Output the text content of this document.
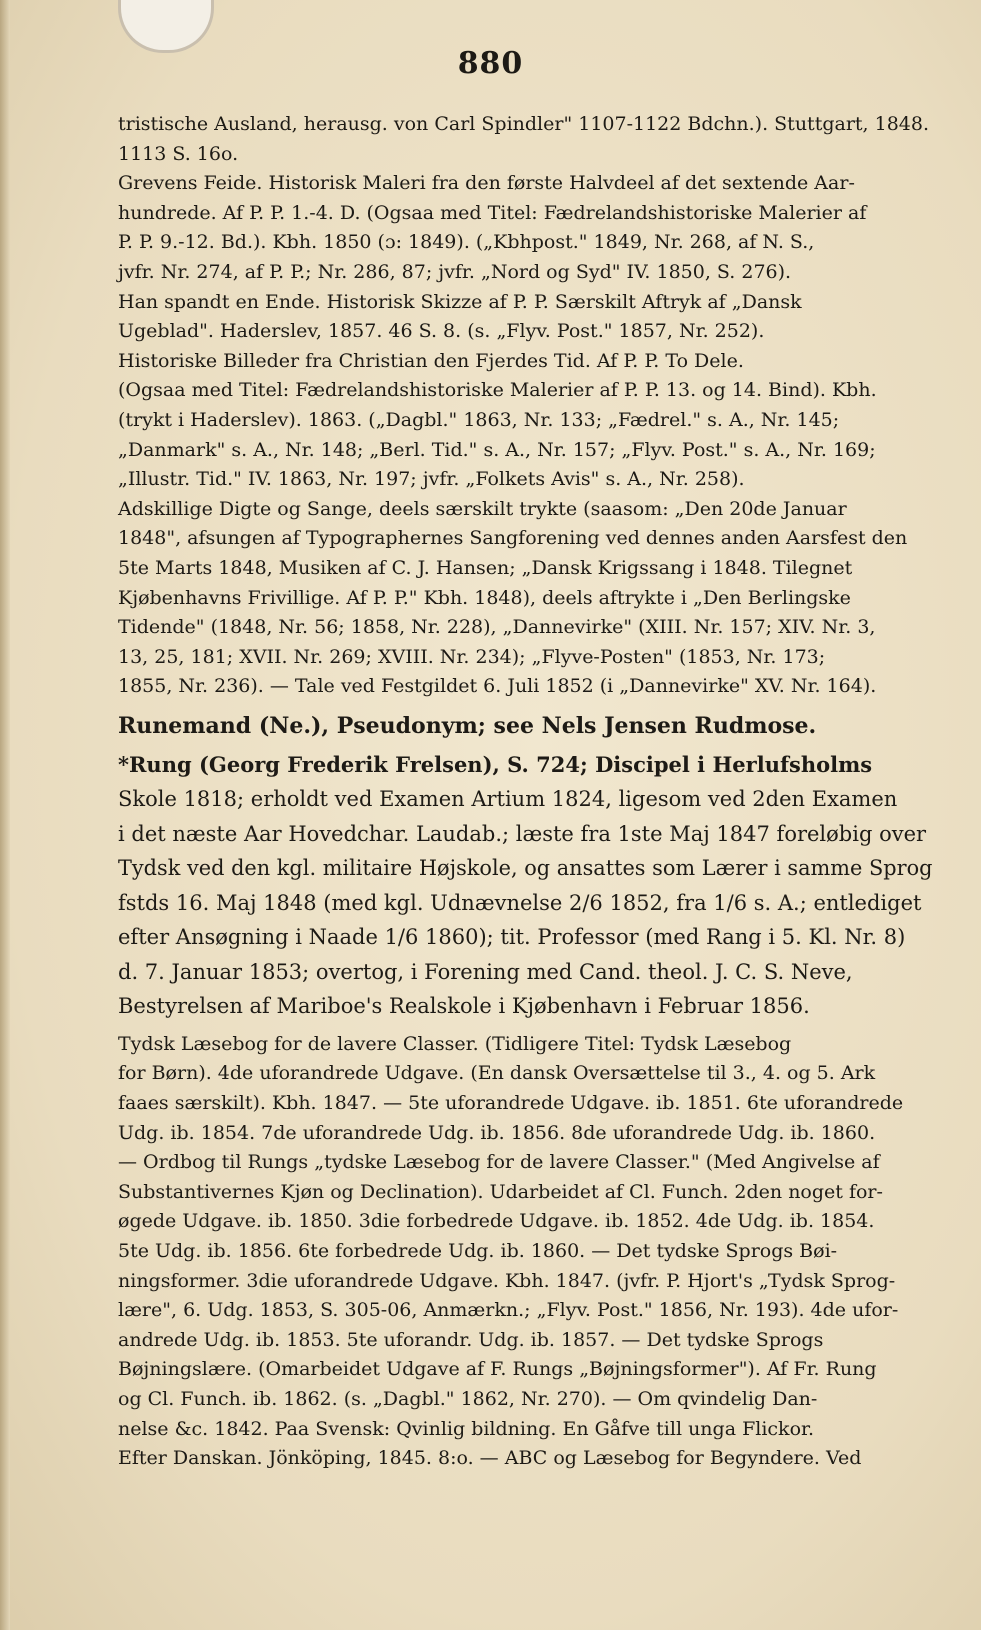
880

tristische Ausland, herausg. von Carl Spindler" 1107-1122 Bdchn.). Stuttgart, 1848.
1113 S. 16o.

Grevens Feide. Historisk Maleri fra den første Halvdeel af det sextende Aar-
hundrede. Af P. P. 1.-4. D. (Ogsaa med Titel: Fædrelandshistoriske Malerier af
P. P. 9.-12. Bd.). Kbh. 1850 (ɔ: 1849). („Kbhpost." 1849, Nr. 268, af N. S.,
jvfr. Nr. 274, af P. P.; Nr. 286, 87; jvfr. „Nord og Syd" IV. 1850, S. 276).

Han spandt en Ende. Historisk Skizze af P. P. Særskilt Aftryk af „Dansk
Ugeblad". Haderslev, 1857. 46 S. 8. (s. „Flyv. Post." 1857, Nr. 252).

Historiske Billeder fra Christian den Fjerdes Tid. Af P. P. To Dele.
(Ogsaa med Titel: Fædrelandshistoriske Malerier af P. P. 13. og 14. Bind). Kbh.
(trykt i Haderslev). 1863. („Dagbl." 1863, Nr. 133; „Fædrel." s. A., Nr. 145;
„Danmark" s. A., Nr. 148; „Berl. Tid." s. A., Nr. 157; „Flyv. Post." s. A., Nr. 169;
„Illustr. Tid." IV. 1863, Nr. 197; jvfr. „Folkets Avis" s. A., Nr. 258).

Adskillige Digte og Sange, deels særskilt trykte (saasom: „Den 20de Januar
1848", afsungen af Typographernes Sangforening ved dennes anden Aarsfest den
5te Marts 1848, Musiken af C. J. Hansen; „Dansk Krigssang i 1848. Tilegnet
Kjøbenhavns Frivillige. Af P. P." Kbh. 1848), deels aftrykte i „Den Berlingske
Tidende" (1848, Nr. 56; 1858, Nr. 228), „Dannevirke" (XIII. Nr. 157; XIV. Nr. 3,
13, 25, 181; XVII. Nr. 269; XVIII. Nr. 234); „Flyve-Posten" (1853, Nr. 173;
1855, Nr. 236). — Tale ved Festgildet 6. Juli 1852 (i „Dannevirke" XV. Nr. 164).

Runemand (Ne.), Pseudonym; see Nels Jensen Rudmose.

*Rung (Georg Frederik Frelsen), S. 724; Discipel i Herlufsholms
Skole 1818; erholdt ved Examen Artium 1824, ligesom ved 2den Examen
i det næste Aar Hovedchar. Laudab.; læste fra 1ste Maj 1847 foreløbig over
Tydsk ved den kgl. militaire Højskole, og ansattes som Lærer i samme Sprog
fstds 16. Maj 1848 (med kgl. Udnævnelse 2/6 1852, fra 1/6 s. A.; entlediget
efter Ansøgning i Naade 1/6 1860); tit. Professor (med Rang i 5. Kl. Nr. 8)
d. 7. Januar 1853; overtog, i Forening med Cand. theol. J. C. S. Neve,
Bestyrelsen af Mariboe's Realskole i Kjøbenhavn i Februar 1856.

Tydsk Læsebog for de lavere Classer. (Tidligere Titel: Tydsk Læsebog
for Børn). 4de uforandrede Udgave. (En dansk Oversættelse til 3., 4. og 5. Ark
faaes særskilt). Kbh. 1847. — 5te uforandrede Udgave. ib. 1851. 6te uforandrede
Udg. ib. 1854. 7de uforandrede Udg. ib. 1856. 8de uforandrede Udg. ib. 1860.
— Ordbog til Rungs „tydske Læsebog for de lavere Classer." (Med Angivelse af
Substantivernes Kjøn og Declination). Udarbeidet af Cl. Funch. 2den noget for-
øgede Udgave. ib. 1850. 3die forbedrede Udgave. ib. 1852. 4de Udg. ib. 1854.
5te Udg. ib. 1856. 6te forbedrede Udg. ib. 1860. — Det tydske Sprogs Bøi-
ningsformer. 3die uforandrede Udgave. Kbh. 1847. (jvfr. P. Hjort's „Tydsk Sprog-
lære", 6. Udg. 1853, S. 305-06, Anmærkn.; „Flyv. Post." 1856, Nr. 193). 4de ufor-
andrede Udg. ib. 1853. 5te uforandr. Udg. ib. 1857. — Det tydske Sprogs
Bøjningslære. (Omarbeidet Udgave af F. Rungs „Bøjningsformer"). Af Fr. Rung
og Cl. Funch. ib. 1862. (s. „Dagbl." 1862, Nr. 270). — Om qvindelig Dan-
nelse &c. 1842. Paa Svensk: Qvinlig bildning. En Gåfve till unga Flickor.
Efter Danskan. Jönköping, 1845. 8:o. — ABC og Læsebog for Begyndere. Ved
